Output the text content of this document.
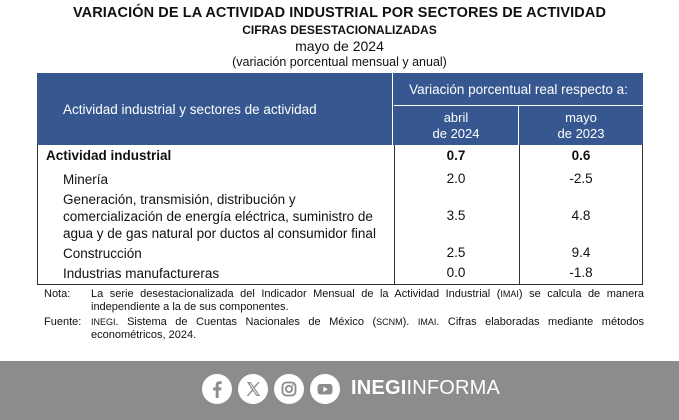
VARIACIÓN DE LA ACTIVIDAD INDUSTRIAL POR SECTORES DE ACTIVIDAD
CIFRAS DESESTACIONALIZADAS
mayo de 2024
(variación porcentual mensual y anual)
Actividad industrial y sectores de actividad
Variación porcentual real respecto a:
abril
de 2024
mayo
de 2023
Actividad industrial	0.7	0.6
Minería	2.0	-2.5
Generación, transmisión, distribución y
comercialización de energía eléctrica, suministro de
agua y de gas natural por ductos al consumidor final
3.5	4.8
Construcción	2.5	9.4
Industrias manufactureras	0.0	-1.8
Nota:	La serie desestacionalizada del Indicador Mensual de la Actividad Industrial (IMAI) se calcula de manera independiente a la de sus componentes.
Fuente:	INEGI. Sistema de Cuentas Nacionales de México (SCNM). IMAI. Cifras elaboradas mediante métodos econométricos, 2024.
INEGIINFORMA
